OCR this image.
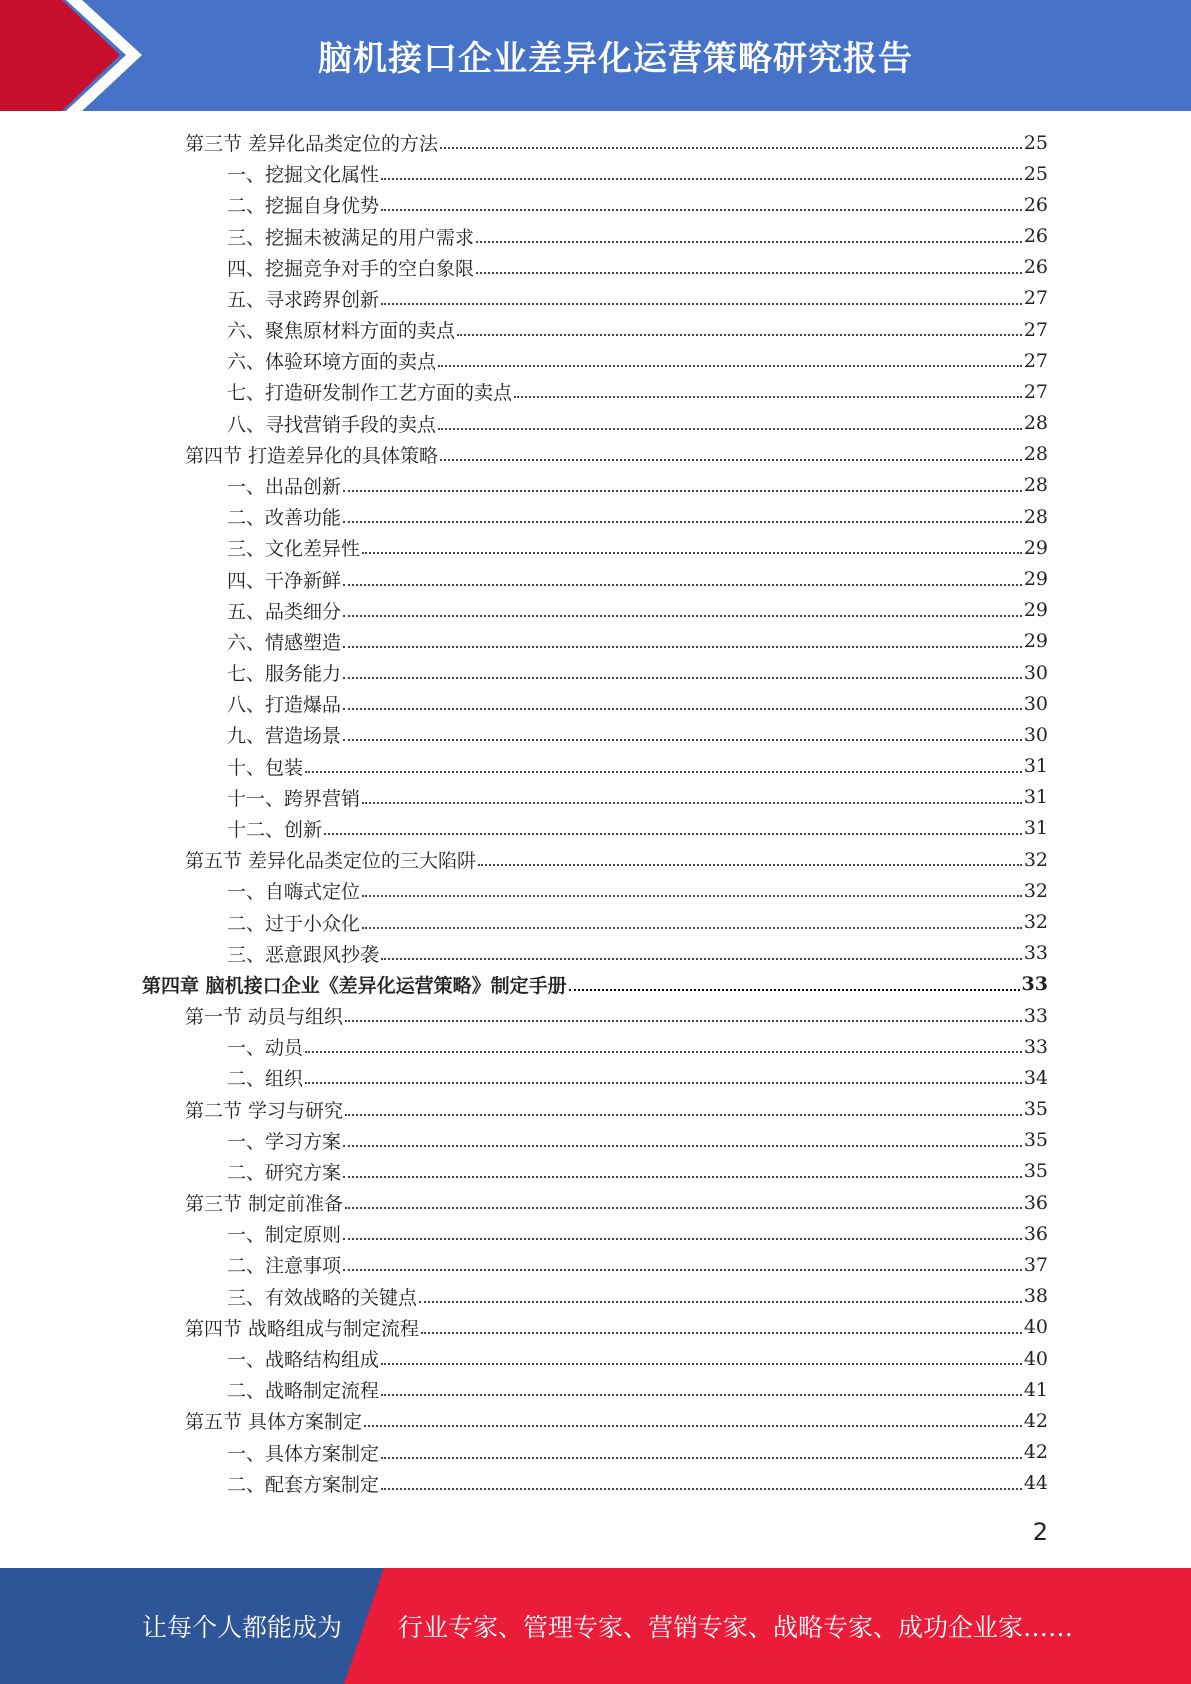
脑机接口企业差异化运营策略研究报告
第三节 差异化品类定位的方法	25
一、挖掘文化属性	25
二、挖掘自身优势	26
三、挖掘未被满足的用户需求	26
四、挖掘竞争对手的空白象限	26
五、寻求跨界创新	27
六、聚焦原材料方面的卖点	27
六、体验环境方面的卖点	27
七、打造研发制作工艺方面的卖点	27
八、寻找营销手段的卖点	28
第四节 打造差异化的具体策略	28
一、出品创新	28
二、改善功能	28
三、文化差异性	29
四、干净新鲜	29
五、品类细分	29
六、情感塑造	29
七、服务能力	30
八、打造爆品	30
九、营造场景	30
十、包装	31
十一、跨界营销	31
十二、创新	31
第五节 差异化品类定位的三大陷阱	32
一、自嗨式定位	32
二、过于小众化	32
三、恶意跟风抄袭	33
第四章 脑机接口企业《差异化运营策略》制定手册	33
第一节 动员与组织	33
一、动员	33
二、组织	34
第二节 学习与研究	35
一、学习方案	35
二、研究方案	35
第三节 制定前准备	36
一、制定原则	36
二、注意事项	37
三、有效战略的关键点	38
第四节 战略组成与制定流程	40
一、战略结构组成	40
二、战略制定流程	41
第五节 具体方案制定	42
一、具体方案制定	42
二、配套方案制定	44
2
让每个人都能成为 行业专家、管理专家、营销专家、战略专家、成功企业家……
